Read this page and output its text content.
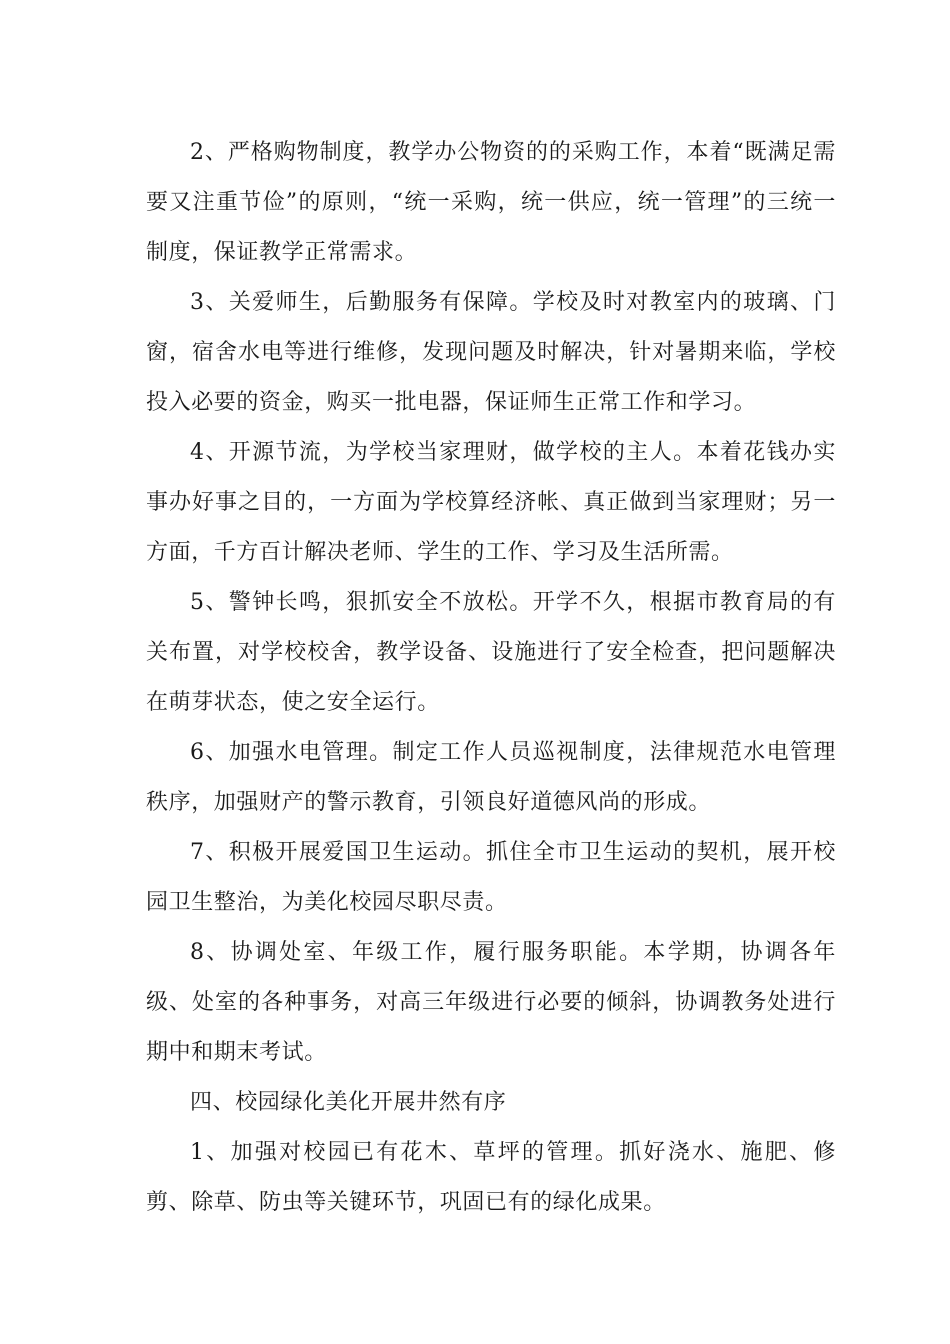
2、严格购物制度，教学办公物资的的采购工作，本着“既满足需要又注重节俭”的原则，“统一采购，统一供应，统一管理”的三统一制度，保证教学正常需求。

3、关爱师生，后勤服务有保障。学校及时对教室内的玻璃、门窗，宿舍水电等进行维修，发现问题及时解决，针对暑期来临，学校投入必要的资金，购买一批电器，保证师生正常工作和学习。

4、开源节流，为学校当家理财，做学校的主人。本着花钱办实事办好事之目的，一方面为学校算经济帐、真正做到当家理财；另一方面，千方百计解决老师、学生的工作、学习及生活所需。

5、警钟长鸣，狠抓安全不放松。开学不久，根据市教育局的有关布置，对学校校舍，教学设备、设施进行了安全检查，把问题解决在萌芽状态，使之安全运行。

6、加强水电管理。制定工作人员巡视制度，法律规范水电管理秩序，加强财产的警示教育，引领良好道德风尚的形成。

7、积极开展爱国卫生运动。抓住全市卫生运动的契机，展开校园卫生整治，为美化校园尽职尽责。

8、协调处室、年级工作，履行服务职能。本学期，协调各年级、处室的各种事务，对高三年级进行必要的倾斜，协调教务处进行期中和期末考试。

四、校园绿化美化开展井然有序

1、加强对校园已有花木、草坪的管理。抓好浇水、施肥、修剪、除草、防虫等关键环节，巩固已有的绿化成果。
